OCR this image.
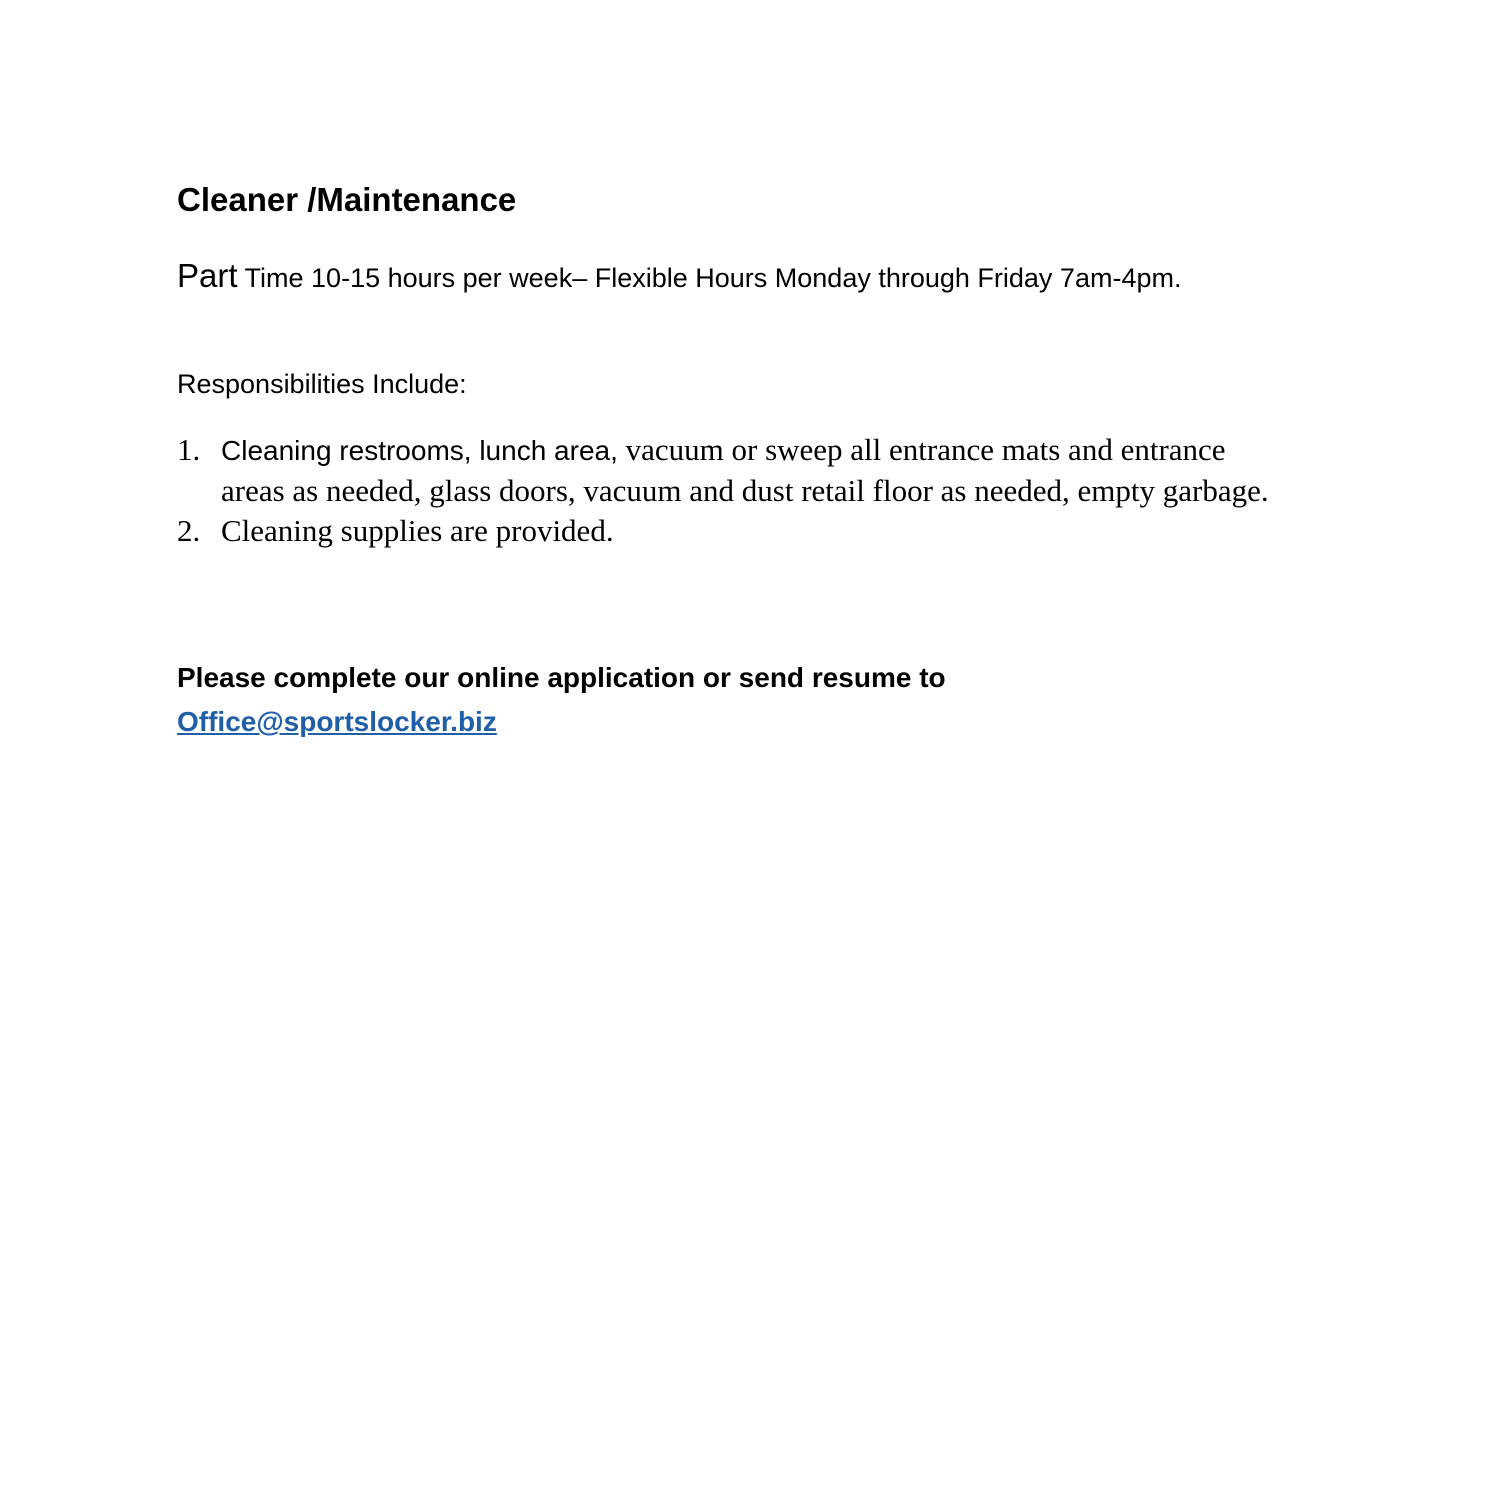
Cleaner /Maintenance

Part Time 10-15 hours per week– Flexible Hours Monday through Friday 7am-4pm.

Responsibilities Include:

1. Cleaning restrooms, lunch area, vacuum or sweep all entrance mats and entrance areas as needed, glass doors, vacuum and dust retail floor as needed, empty garbage.
2. Cleaning supplies are provided.

Please complete our online application or send resume to
Office@sportslocker.biz
